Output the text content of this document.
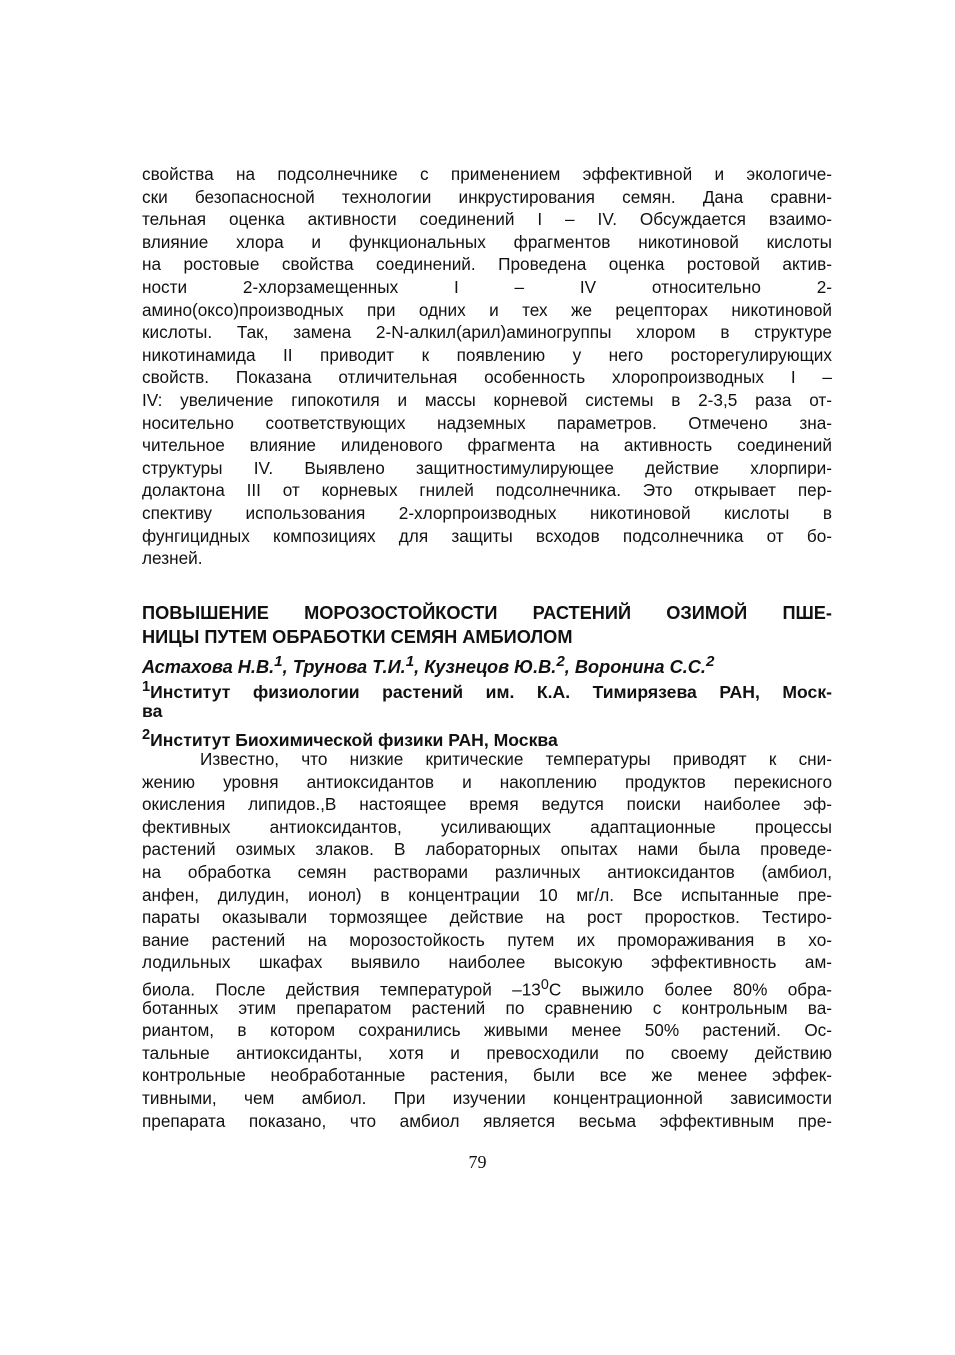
свойства на подсолнечнике с применением эффективной и экологиче-
ски безопасносной технологии инкрустирования семян. Дана сравни-
тельная оценка активности соединений I – IV. Обсуждается взаимо-
влияние хлора и функциональных фрагментов никотиновой кислоты
на ростовые свойства соединений. Проведена оценка ростовой актив-
ности 2-хлорзамещенных I – IV относительно 2-
амино(оксо)производных при одних и тех же рецепторах никотиновой
кислоты. Так, замена 2-N-алкил(арил)аминогруппы хлором в структуре
никотинамида II приводит к появлению у него росторегулирующих
свойств. Показана отличительная особенность хлоропроизводных I –
IV: увеличение гипокотиля и массы корневой системы в 2-3,5 раза от-
носительно соответствующих надземных параметров. Отмечено зна-
чительное влияние илиденового фрагмента на активность соединений
структуры IV. Выявлено защитностимулирующее действие хлорпири-
долактона III от корневых гнилей подсолнечника. Это открывает пер-
спективу использования 2-хлорпроизводных никотиновой кислоты в
фунгицидных композициях для защиты всходов подсолнечника от бо-
лезней.
ПОВЫШЕНИЕ МОРОЗОСТОЙКОСТИ РАСТЕНИЙ ОЗИМОЙ ПШЕ-
НИЦЫ ПУТЕМ ОБРАБОТКИ СЕМЯН АМБИОЛОМ
Астахова Н.В.$^1$, Трунова Т.И.$^1$, Кузнецов Ю.В.$^2$, Воронина С.С.$^2$
$^1$Институт физиологии растений им. К.А. Тимирязева РАН, Моск-
ва
$^2$Институт Биохимической физики РАН, Москва
Известно, что низкие критические температуры приводят к сни-
жению уровня антиоксидантов и накоплению продуктов перекисного
окисления липидов.,В настоящее время ведутся поиски наиболее эф-
фективных антиоксидантов, усиливающих адаптационные процессы
растений озимых злаков. В лабораторных опытах нами была проведе-
на обработка семян растворами различных антиоксидантов (амбиол,
анфен, дилудин, ионол) в концентрации 10 мг/л. Все испытанные пре-
параты оказывали тормозящее действие на рост проростков. Тестиро-
вание растений на морозостойкость путем их промораживания в хо-
лодильных шкафах выявило наиболее высокую эффективность ам-
биола. После действия температурой $-13^0С$ выжило более 80% обра-
ботанных этим препаратом растений по сравнению с контрольным ва-
риантом, в котором сохранились живыми менее 50% растений. Ос-
тальные антиоксиданты, хотя и превосходили по своему действию
контрольные необработанные растения, были все же менее эффек-
тивными, чем амбиол. При изучении концентрационной зависимости
препарата показано, что амбиол является весьма эффективным пре-
79
